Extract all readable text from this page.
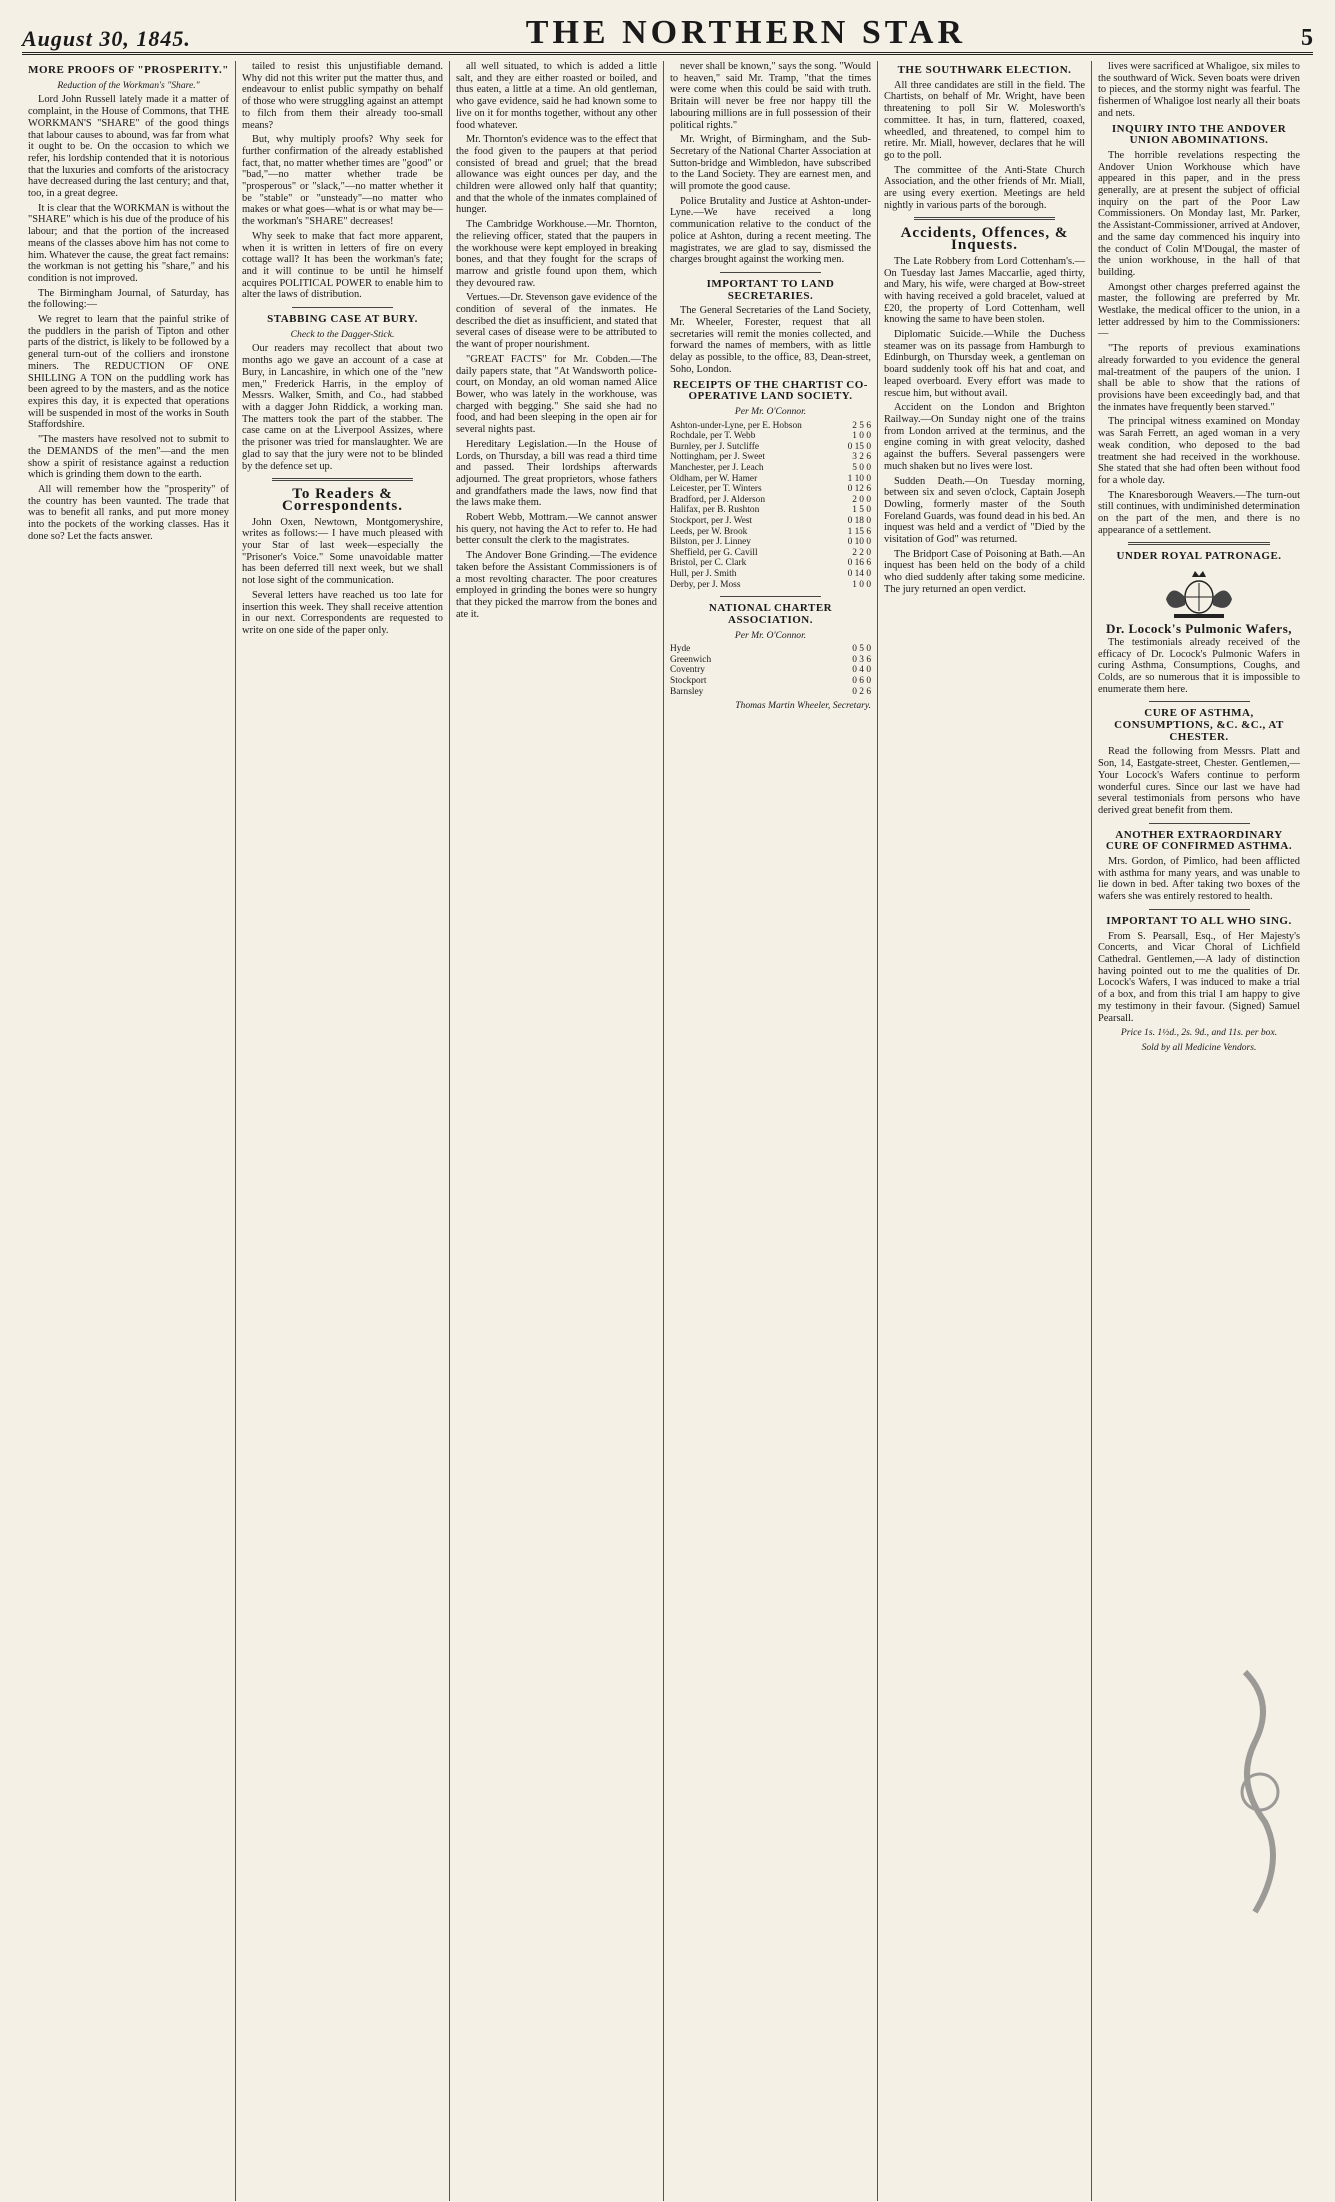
August 30, 1845.	THE NORTHERN STAR	5
MORE PROOFS OF "PROSPERITY."
Reduction of the Workman's "Share."

Lord John Russell lately made it a matter of complaint, in the House of Commons, that THE WORKMAN'S "SHARE" of the good things that labour causes to abound, was far from what it ought to be. On the occasion to which we refer, his lordship contended that it is notorious that the luxuries and comforts of the aristocracy have decreased during the last century; and that, too, in a great degree.

It is clear that the WORKMAN is without the "SHARE" which is his due of the produce of his labour; and that the portion of the increased means of the classes above him has not come to him. Whatever the cause, the great fact remains: the workman is not getting his "share," and his condition is not improved.

The Birmingham Journal, of Saturday, has the following:—

We regret to learn that the painful strike of the puddlers in the parish of Tipton and other parts of the district, is likely to be followed by a general turn-out of the colliers and ironstone miners. The REDUCTION OF ONE SHILLING A TON on the puddling work has been agreed to by the masters, and as the notice expires this day, it is expected that operations will be suspended in most of the works in South Staffordshire.

"The masters have resolved not to submit to the DEMANDS of the men"—and the men show a spirit of resistance against a reduction which is grinding them down to the earth.

All will remember how the "prosperity" of the country has been vaunted. The trade that was to benefit all ranks, and put more money into the pockets of the working classes. Has it done so? Let the facts answer.

tailed to resist this unjustifiable demand. Why did not this writer put the matter thus, and endeavour to enlist public sympathy on behalf of those who were struggling against an attempt to filch from them their already too-small means?

But, why multiply proofs? Why seek for further confirmation of the already established fact, that, no matter whether times are "good" or "bad,"—no matter whether trade be "prosperous" or "slack,"—no matter whether it be "stable" or "unsteady"—no matter who makes or what goes—what is or what may be—the workman's "SHARE" decreases!

Why seek to make that fact more apparent, when it is written in letters of fire on every cottage wall? It has been the workman's fate; and it will continue to be until he himself acquires POLITICAL POWER to enable him to alter the laws of distribution.

STABBING CASE AT BURY.
Check to the Dagger-Stick.

Our readers may recollect that about two months ago we gave an account of a case at Bury, in Lancashire, in which one of the "new men," Frederick Harris, in the employ of Messrs. Walker, Smith, and Co., had stabbed with a dagger John Riddick, a working man. The matters took the part of the stabber. The case came on at the Liverpool Assizes, where the prisoner was tried for manslaughter. We are glad to say that the jury were not to be blinded by the defence set up.

To Readers & Correspondents.

John Oxen, Newtown, Montgomeryshire, writes as follows:— I have much pleased with your Star of last week—especially the "Prisoner's Voice." Some unavoidable matter has been deferred till next week, but we shall not lose sight of the communication.

Several letters have reached us too late for insertion this week. They shall receive attention in our next. Correspondents are requested to write on one side of the paper only.

all well situated, to which is added a little salt, and they are either roasted or boiled, and thus eaten, a little at a time. An old gentleman, who gave evidence, said he had known some to live on it for months together, without any other food whatever.

Mr. Thornton's evidence was to the effect that the food given to the paupers at that period consisted of bread and gruel; that the bread allowance was eight ounces per day, and the children were allowed only half that quantity; and that the whole of the inmates complained of hunger.

The Cambridge Workhouse.—Mr. Thornton, the relieving officer, stated that the paupers in the workhouse were kept employed in breaking bones, and that they fought for the scraps of marrow and gristle found upon them, which they devoured raw.

Vertues.—Dr. Stevenson gave evidence of the condition of several of the inmates. He described the diet as insufficient, and stated that several cases of disease were to be attributed to the want of proper nourishment.

"GREAT FACTS" for Mr. Cobden.—The daily papers state, that "At Wandsworth police-court, on Monday, an old woman named Alice Bower, who was lately in the workhouse, was charged with begging." She said she had no food, and had been sleeping in the open air for several nights past.

Hereditary Legislation.—In the House of Lords, on Thursday, a bill was read a third time and passed. Their lordships afterwards adjourned. The great proprietors, whose fathers and grandfathers made the laws, now find that the laws make them.

Robert Webb, Mottram.—We cannot answer his query, not having the Act to refer to. He had better consult the clerk to the magistrates.

The Andover Bone Grinding.—The evidence taken before the Assistant Commissioners is of a most revolting character. The poor creatures employed in grinding the bones were so hungry that they picked the marrow from the bones and ate it.

never shall be known," says the song. "Would to heaven," said Mr. Tramp, "that the times were come when this could be said with truth. Britain will never be free nor happy till the labouring millions are in full possession of their political rights."

Mr. Wright, of Birmingham, and the Sub-Secretary of the National Charter Association at Sutton-bridge and Wimbledon, have subscribed to the Land Society. They are earnest men, and will promote the good cause.

Police Brutality and Justice at Ashton-under-Lyne.—We have received a long communication relative to the conduct of the police at Ashton, during a recent meeting. The magistrates, we are glad to say, dismissed the charges brought against the working men.

IMPORTANT TO LAND SECRETARIES.

The General Secretaries of the Land Society, Mr. Wheeler, Forester, request that all secretaries will remit the monies collected, and forward the names of members, with as little delay as possible, to the office, 83, Dean-street, Soho, London.

RECEIPTS OF THE CHARTIST CO-OPERATIVE LAND SOCIETY.
Per Mr. O'Connor.
Ashton-under-Lyne, per E. Hobson	2 5 6
Rochdale, per T. Webb	1 0 0
Burnley, per J. Sutcliffe	0 15 0
Nottingham, per J. Sweet	3 2 6
Manchester, per J. Leach	5 0 0
Oldham, per W. Hamer	1 10 0
Leicester, per T. Winters	0 12 6
Bradford, per J. Alderson	2 0 0
Halifax, per B. Rushton	1 5 0
Stockport, per J. West	0 18 0
Leeds, per W. Brook	1 15 6
Bilston, per J. Linney	0 10 0
Sheffield, per G. Cavill	2 2 0
Bristol, per C. Clark	0 16 6
Hull, per J. Smith	0 14 0
Derby, per J. Moss	1 0 0
NATIONAL CHARTER ASSOCIATION.
Per Mr. O'Connor.
Hyde	0 5 0
Greenwich	0 3 6
Coventry	0 4 0
Stockport	0 6 0
Barnsley	0 2 6
Thomas Martin Wheeler, Secretary.
THE SOUTHWARK ELECTION.

All three candidates are still in the field. The Chartists, on behalf of Mr. Wright, have been threatening to poll Sir W. Molesworth's committee. It has, in turn, flattered, coaxed, wheedled, and threatened, to compel him to retire. Mr. Miall, however, declares that he will go to the poll.

The committee of the Anti-State Church Association, and the other friends of Mr. Miall, are using every exertion. Meetings are held nightly in various parts of the borough.

Accidents, Offences, & Inquests.

The Late Robbery from Lord Cottenham's.—On Tuesday last James Maccarlie, aged thirty, and Mary, his wife, were charged at Bow-street with having received a gold bracelet, valued at £20, the property of Lord Cottenham, well knowing the same to have been stolen.

Diplomatic Suicide.—While the Duchess steamer was on its passage from Hamburgh to Edinburgh, on Thursday week, a gentleman on board suddenly took off his hat and coat, and leaped overboard. Every effort was made to rescue him, but without avail.

Accident on the London and Brighton Railway.—On Sunday night one of the trains from London arrived at the terminus, and the engine coming in with great velocity, dashed against the buffers. Several passengers were much shaken but no lives were lost.

Sudden Death.—On Tuesday morning, between six and seven o'clock, Captain Joseph Dowling, formerly master of the South Foreland Guards, was found dead in his bed. An inquest was held and a verdict of "Died by the visitation of God" was returned.

The Bridport Case of Poisoning at Bath.—An inquest has been held on the body of a child who died suddenly after taking some medicine. The jury returned an open verdict.

lives were sacrificed at Whaligoe, six miles to the southward of Wick. Seven boats were driven to pieces, and the stormy night was fearful. The fishermen of Whaligoe lost nearly all their boats and nets.

INQUIRY INTO THE ANDOVER UNION ABOMINATIONS.

The horrible revelations respecting the Andover Union Workhouse which have appeared in this paper, and in the press generally, are at present the subject of official inquiry on the part of the Poor Law Commissioners. On Monday last, Mr. Parker, the Assistant-Commissioner, arrived at Andover, and the same day commenced his inquiry into the conduct of Colin M'Dougal, the master of the union workhouse, in the hall of that building.

Amongst other charges preferred against the master, the following are preferred by Mr. Westlake, the medical officer to the union, in a letter addressed by him to the Commissioners:—

"The reports of previous examinations already forwarded to you evidence the general mal-treatment of the paupers of the union. I shall be able to show that the rations of provisions have been exceedingly bad, and that the inmates have frequently been starved."

The principal witness examined on Monday was Sarah Ferrett, an aged woman in a very weak condition, who deposed to the bad treatment she had received in the workhouse. She stated that she had often been without food for a whole day.

The Knaresborough Weavers.—The turn-out still continues, with undiminished determination on the part of the men, and there is no appearance of a settlement.

UNDER ROYAL PATRONAGE.
Dr. Locock's Pulmonic Wafers,

The testimonials already received of the efficacy of Dr. Locock's Pulmonic Wafers in curing Asthma, Consumptions, Coughs, and Colds, are so numerous that it is impossible to enumerate them here.

CURE OF ASTHMA, CONSUMPTIONS, &C. &C., AT CHESTER.

Read the following from Messrs. Platt and Son, 14, Eastgate-street, Chester. Gentlemen,—Your Locock's Wafers continue to perform wonderful cures. Since our last we have had several testimonials from persons who have derived great benefit from them.

ANOTHER EXTRAORDINARY CURE OF CONFIRMED ASTHMA.

Mrs. Gordon, of Pimlico, had been afflicted with asthma for many years, and was unable to lie down in bed. After taking two boxes of the wafers she was entirely restored to health.

IMPORTANT TO ALL WHO SING.

From S. Pearsall, Esq., of Her Majesty's Concerts, and Vicar Choral of Lichfield Cathedral. Gentlemen,—A lady of distinction having pointed out to me the qualities of Dr. Locock's Wafers, I was induced to make a trial of a box, and from this trial I am happy to give my testimony in their favour. (Signed) Samuel Pearsall.

Price 1s. 1½d., 2s. 9d., and 11s. per box.
Sold by all Medicine Vendors.
